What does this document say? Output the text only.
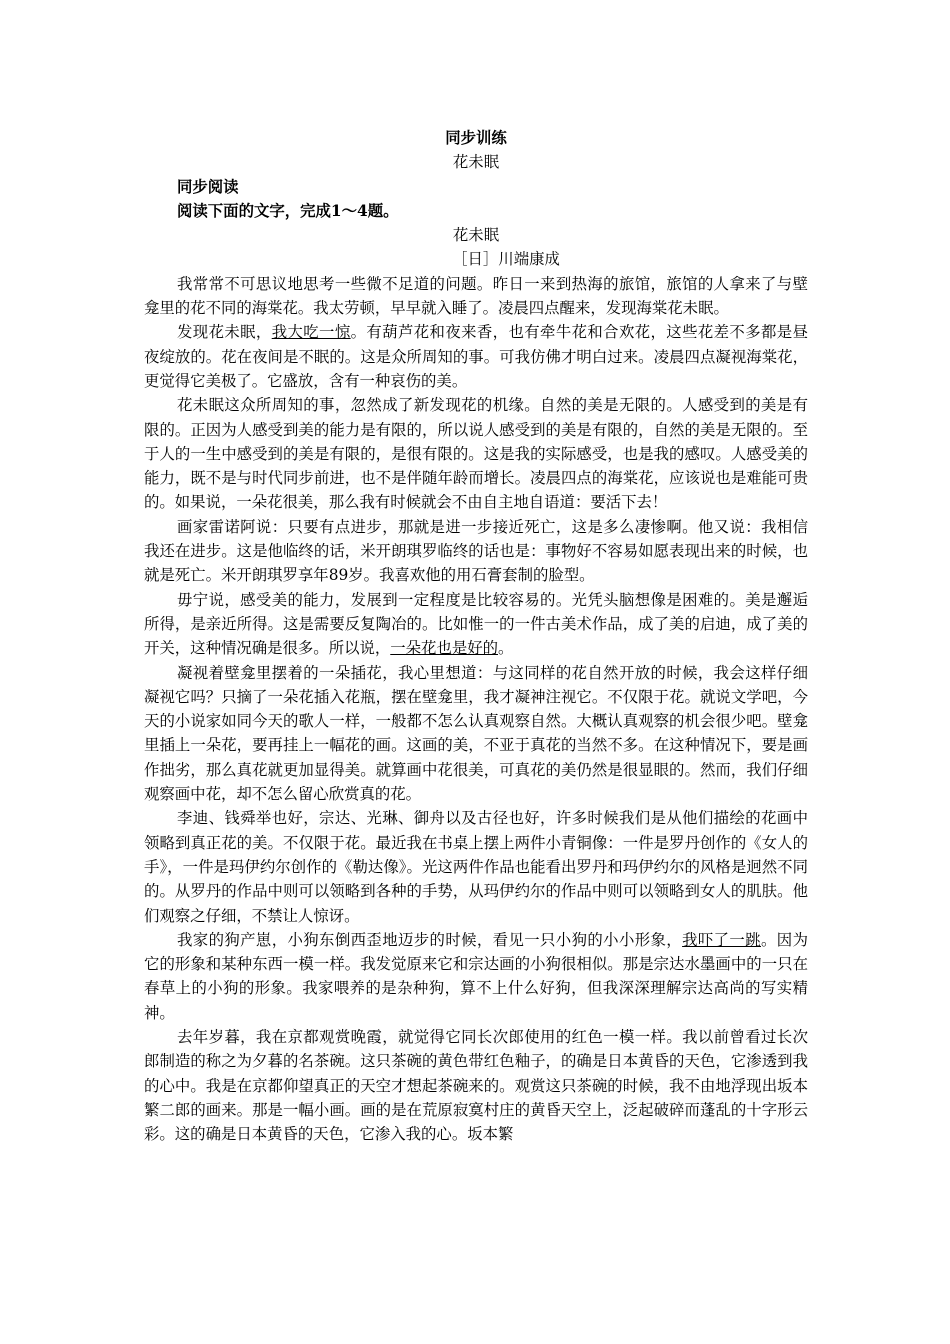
同步训练
花未眠
同步阅读
阅读下面的文字，完成1～4题。
花未眠
［日］川端康成

我常常不可思议地思考一些微不足道的问题。昨日一来到热海的旅馆，旅馆的人拿来了与壁龛里的花不同的海棠花。我太劳顿，早早就入睡了。凌晨四点醒来，发现海棠花未眠。

发现花未眠，我大吃一惊。有葫芦花和夜来香，也有牵牛花和合欢花，这些花差不多都是昼夜绽放的。花在夜间是不眠的。这是众所周知的事。可我仿佛才明白过来。凌晨四点凝视海棠花，更觉得它美极了。它盛放，含有一种哀伤的美。

花未眠这众所周知的事，忽然成了新发现花的机缘。自然的美是无限的。人感受到的美是有限的。正因为人感受到美的能力是有限的，所以说人感受到的美是有限的，自然的美是无限的。至于人的一生中感受到的美是有限的，是很有限的。这是我的实际感受，也是我的感叹。人感受美的能力，既不是与时代同步前进，也不是伴随年龄而增长。凌晨四点的海棠花，应该说也是难能可贵的。如果说，一朵花很美，那么我有时候就会不由自主地自语道：要活下去！

画家雷诺阿说：只要有点进步，那就是进一步接近死亡，这是多么凄惨啊。他又说：我相信我还在进步。这是他临终的话，米开朗琪罗临终的话也是：事物好不容易如愿表现出来的时候，也就是死亡。米开朗琪罗享年89岁。我喜欢他的用石膏套制的脸型。

毋宁说，感受美的能力，发展到一定程度是比较容易的。光凭头脑想像是困难的。美是邂逅所得，是亲近所得。这是需要反复陶冶的。比如惟一的一件古美术作品，成了美的启迪，成了美的开关，这种情况确是很多。所以说，一朵花也是好的。

凝视着壁龛里摆着的一朵插花，我心里想道：与这同样的花自然开放的时候，我会这样仔细凝视它吗？只摘了一朵花插入花瓶，摆在壁龛里，我才凝神注视它。不仅限于花。就说文学吧，今天的小说家如同今天的歌人一样，一般都不怎么认真观察自然。大概认真观察的机会很少吧。壁龛里插上一朵花，要再挂上一幅花的画。这画的美，不亚于真花的当然不多。在这种情况下，要是画作拙劣，那么真花就更加显得美。就算画中花很美，可真花的美仍然是很显眼的。然而，我们仔细观察画中花，却不怎么留心欣赏真的花。

李迪、钱舜举也好，宗达、光琳、御舟以及古径也好，许多时候我们是从他们描绘的花画中领略到真正花的美。不仅限于花。最近我在书桌上摆上两件小青铜像：一件是罗丹创作的《女人的手》，一件是玛伊约尔创作的《勒达像》。光这两件作品也能看出罗丹和玛伊约尔的风格是迥然不同的。从罗丹的作品中则可以领略到各种的手势，从玛伊约尔的作品中则可以领略到女人的肌肤。他们观察之仔细，不禁让人惊讶。

我家的狗产崽，小狗东倒西歪地迈步的时候，看见一只小狗的小小形象，我吓了一跳。因为它的形象和某种东西一模一样。我发觉原来它和宗达画的小狗很相似。那是宗达水墨画中的一只在春草上的小狗的形象。我家喂养的是杂种狗，算不上什么好狗，但我深深理解宗达高尚的写实精神。

去年岁暮，我在京都观赏晚霞，就觉得它同长次郎使用的红色一模一样。我以前曾看过长次郎制造的称之为夕暮的名茶碗。这只茶碗的黄色带红色釉子，的确是日本黄昏的天色，它渗透到我的心中。我是在京都仰望真正的天空才想起茶碗来的。观赏这只茶碗的时候，我不由地浮现出坂本繁二郎的画来。那是一幅小画。画的是在荒原寂寞村庄的黄昏天空上，泛起破碎而蓬乱的十字形云彩。这的确是日本黄昏的天色，它渗入我的心。坂本繁
